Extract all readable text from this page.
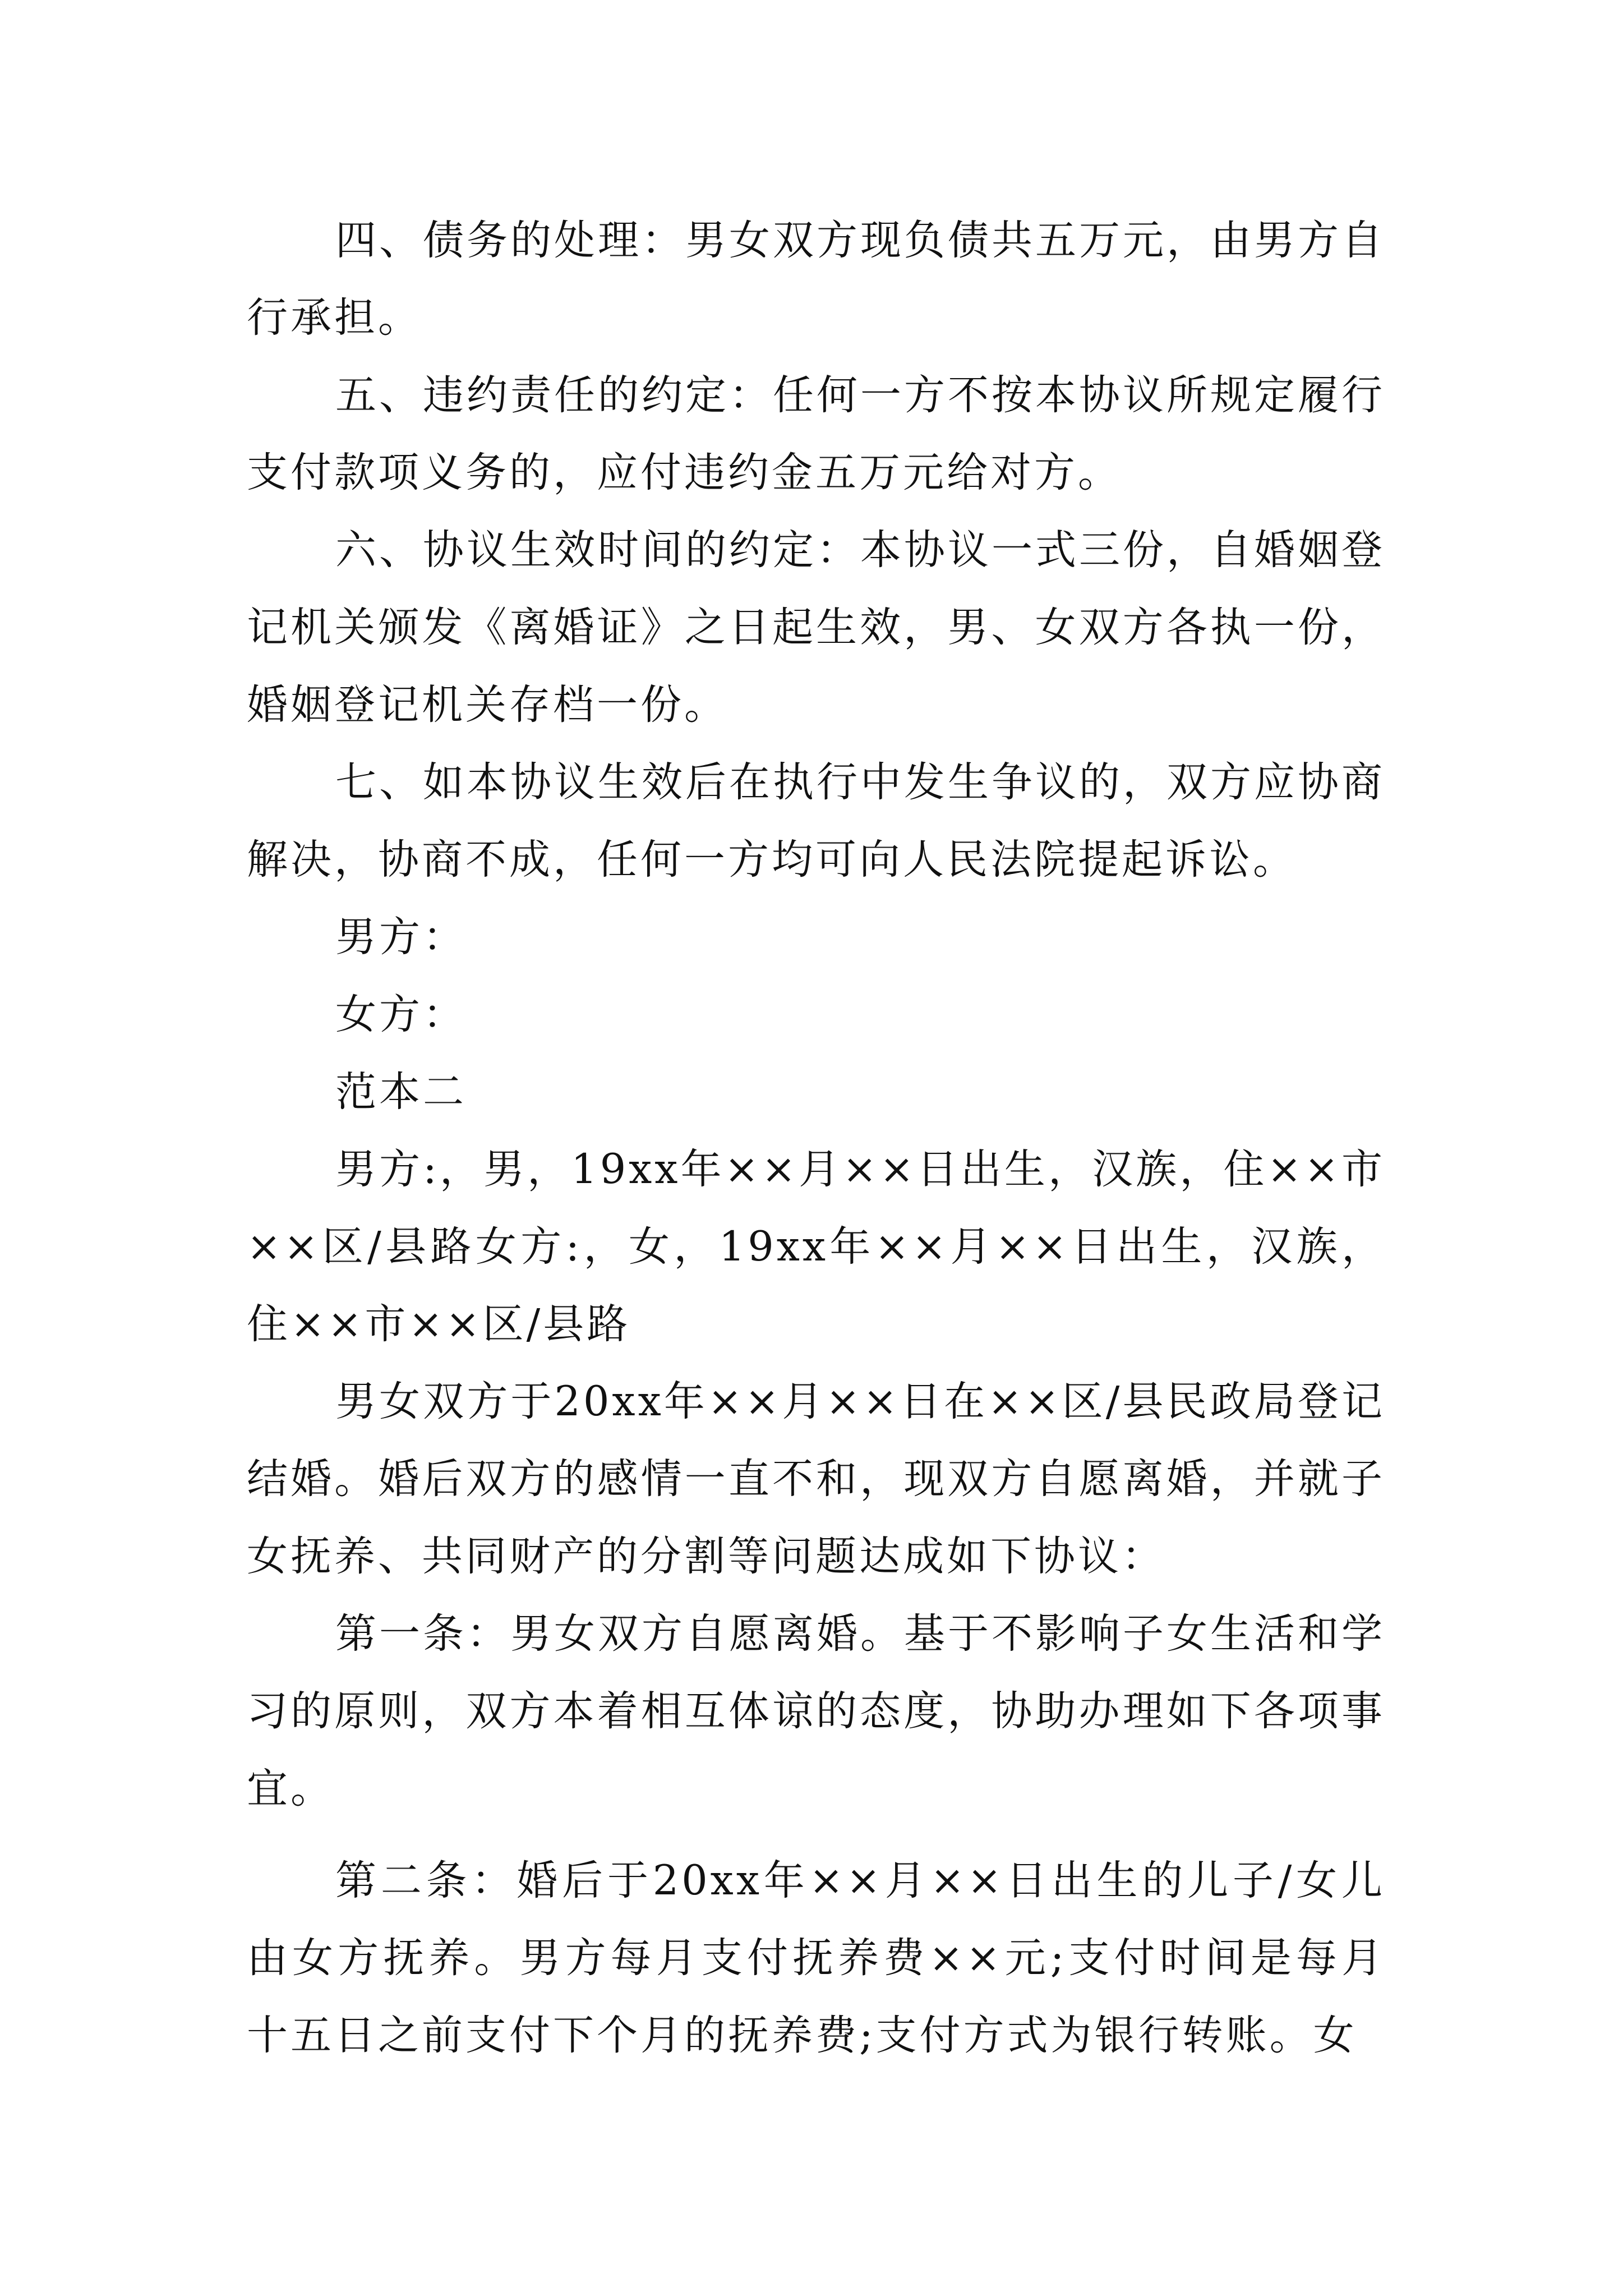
四、债务的处理：男女双方现负债共五万元，由男方自行承担。

五、违约责任的约定：任何一方不按本协议所规定履行支付款项义务的，应付违约金五万元给对方。

六、协议生效时间的约定：本协议一式三份，自婚姻登记机关颁发《离婚证》之日起生效，男、女双方各执一份，婚姻登记机关存档一份。

七、如本协议生效后在执行中发生争议的，双方应协商解决，协商不成，任何一方均可向人民法院提起诉讼。

男方：

女方：

范本二

男方:，男，19xx年××月××日出生，汉族，住××市××区/县路女方:，女，19xx年××月××日出生，汉族，住××市××区/县路

男女双方于20xx年××月××日在××区/县民政局登记结婚。婚后双方的感情一直不和，现双方自愿离婚，并就子女抚养、共同财产的分割等问题达成如下协议：

第一条：男女双方自愿离婚。基于不影响子女生活和学习的原则，双方本着相互体谅的态度，协助办理如下各项事宜。

第二条：婚后于20xx年××月××日出生的儿子/女儿由女方抚养。男方每月支付抚养费××元;支付时间是每月十五日之前支付下个月的抚养费;支付方式为银行转账。女
